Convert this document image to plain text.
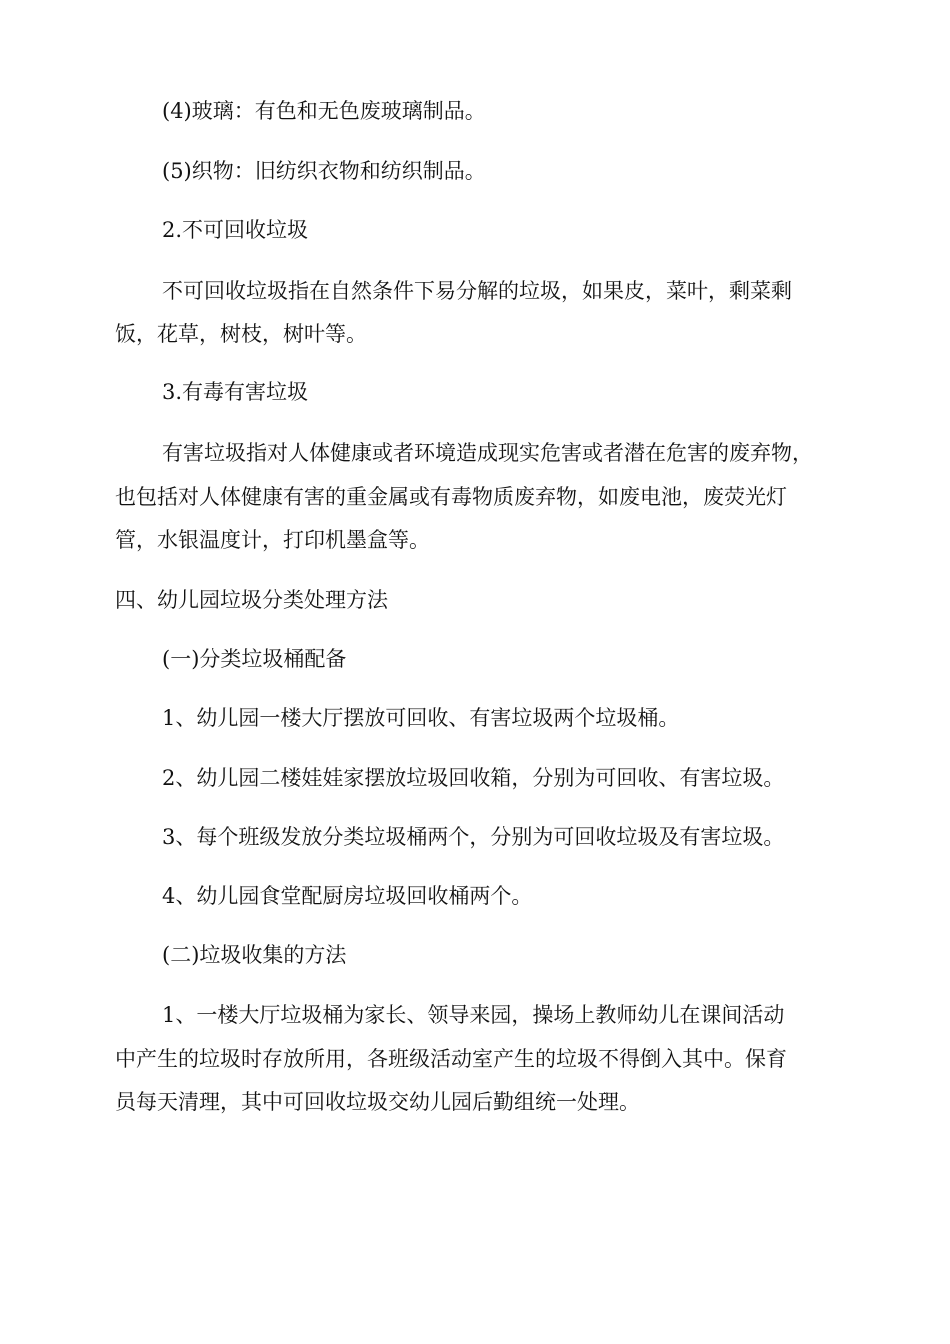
(4)玻璃：有色和无色废玻璃制品。
(5)织物：旧纺织衣物和纺织制品。
2.不可回收垃圾
不可回收垃圾指在自然条件下易分解的垃圾，如果皮，菜叶，剩菜剩
饭，花草，树枝，树叶等。
3.有毒有害垃圾
有害垃圾指对人体健康或者环境造成现实危害或者潜在危害的废弃物，
也包括对人体健康有害的重金属或有毒物质废弃物，如废电池，废荧光灯
管，水银温度计，打印机墨盒等。
四、幼儿园垃圾分类处理方法
(一)分类垃圾桶配备
1、幼儿园一楼大厅摆放可回收、有害垃圾两个垃圾桶。
2、幼儿园二楼娃娃家摆放垃圾回收箱，分别为可回收、有害垃圾。
3、每个班级发放分类垃圾桶两个，分别为可回收垃圾及有害垃圾。
4、幼儿园食堂配厨房垃圾回收桶两个。
(二)垃圾收集的方法
1、一楼大厅垃圾桶为家长、领导来园，操场上教师幼儿在课间活动
中产生的垃圾时存放所用，各班级活动室产生的垃圾不得倒入其中。保育
员每天清理，其中可回收垃圾交幼儿园后勤组统一处理。
